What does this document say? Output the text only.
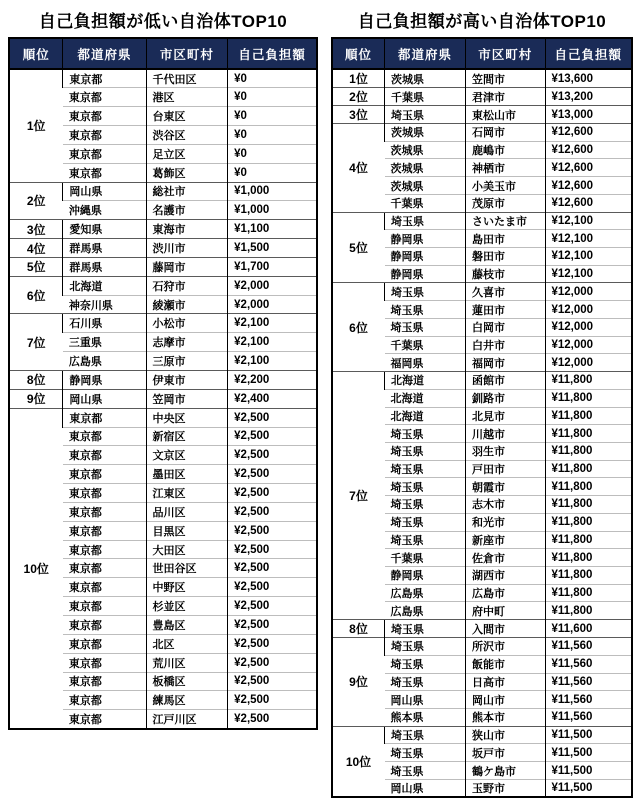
自己負担額が低い自治体TOP10
順位	都道府県	市区町村	自己負担額
1位	東京都	千代田区	¥0
	東京都	港区	¥0
	東京都	台東区	¥0
	東京都	渋谷区	¥0
	東京都	足立区	¥0
	東京都	葛飾区	¥0
2位	岡山県	総社市	¥1,000
	沖縄県	名護市	¥1,000
3位	愛知県	東海市	¥1,100
4位	群馬県	渋川市	¥1,500
5位	群馬県	藤岡市	¥1,700
6位	北海道	石狩市	¥2,000
	神奈川県	綾瀬市	¥2,000
7位	石川県	小松市	¥2,100
	三重県	志摩市	¥2,100
	広島県	三原市	¥2,100
8位	静岡県	伊東市	¥2,200
9位	岡山県	笠岡市	¥2,400
10位	東京都	中央区	¥2,500
	東京都	新宿区	¥2,500
	東京都	文京区	¥2,500
	東京都	墨田区	¥2,500
	東京都	江東区	¥2,500
	東京都	品川区	¥2,500
	東京都	目黒区	¥2,500
	東京都	大田区	¥2,500
	東京都	世田谷区	¥2,500
	東京都	中野区	¥2,500
	東京都	杉並区	¥2,500
	東京都	豊島区	¥2,500
	東京都	北区	¥2,500
	東京都	荒川区	¥2,500
	東京都	板橋区	¥2,500
	東京都	練馬区	¥2,500
	東京都	江戸川区	¥2,500
自己負担額が高い自治体TOP10
順位	都道府県	市区町村	自己負担額
1位	茨城県	笠間市	¥13,600
2位	千葉県	君津市	¥13,200
3位	埼玉県	東松山市	¥13,000
4位	茨城県	石岡市	¥12,600
	茨城県	鹿嶋市	¥12,600
	茨城県	神栖市	¥12,600
	茨城県	小美玉市	¥12,600
	千葉県	茂原市	¥12,600
5位	埼玉県	さいたま市	¥12,100
	静岡県	島田市	¥12,100
	静岡県	磐田市	¥12,100
	静岡県	藤枝市	¥12,100
6位	埼玉県	久喜市	¥12,000
	埼玉県	蓮田市	¥12,000
	埼玉県	白岡市	¥12,000
	千葉県	白井市	¥12,000
	福岡県	福岡市	¥12,000
7位	北海道	函館市	¥11,800
	北海道	釧路市	¥11,800
	北海道	北見市	¥11,800
	埼玉県	川越市	¥11,800
	埼玉県	羽生市	¥11,800
	埼玉県	戸田市	¥11,800
	埼玉県	朝霞市	¥11,800
	埼玉県	志木市	¥11,800
	埼玉県	和光市	¥11,800
	埼玉県	新座市	¥11,800
	千葉県	佐倉市	¥11,800
	静岡県	湖西市	¥11,800
	広島県	広島市	¥11,800
	広島県	府中町	¥11,800
8位	埼玉県	入間市	¥11,600
9位	埼玉県	所沢市	¥11,560
	埼玉県	飯能市	¥11,560
	埼玉県	日高市	¥11,560
	岡山県	岡山市	¥11,560
	熊本県	熊本市	¥11,560
10位	埼玉県	狭山市	¥11,500
	埼玉県	坂戸市	¥11,500
	埼玉県	鶴ケ島市	¥11,500
	岡山県	玉野市	¥11,500
